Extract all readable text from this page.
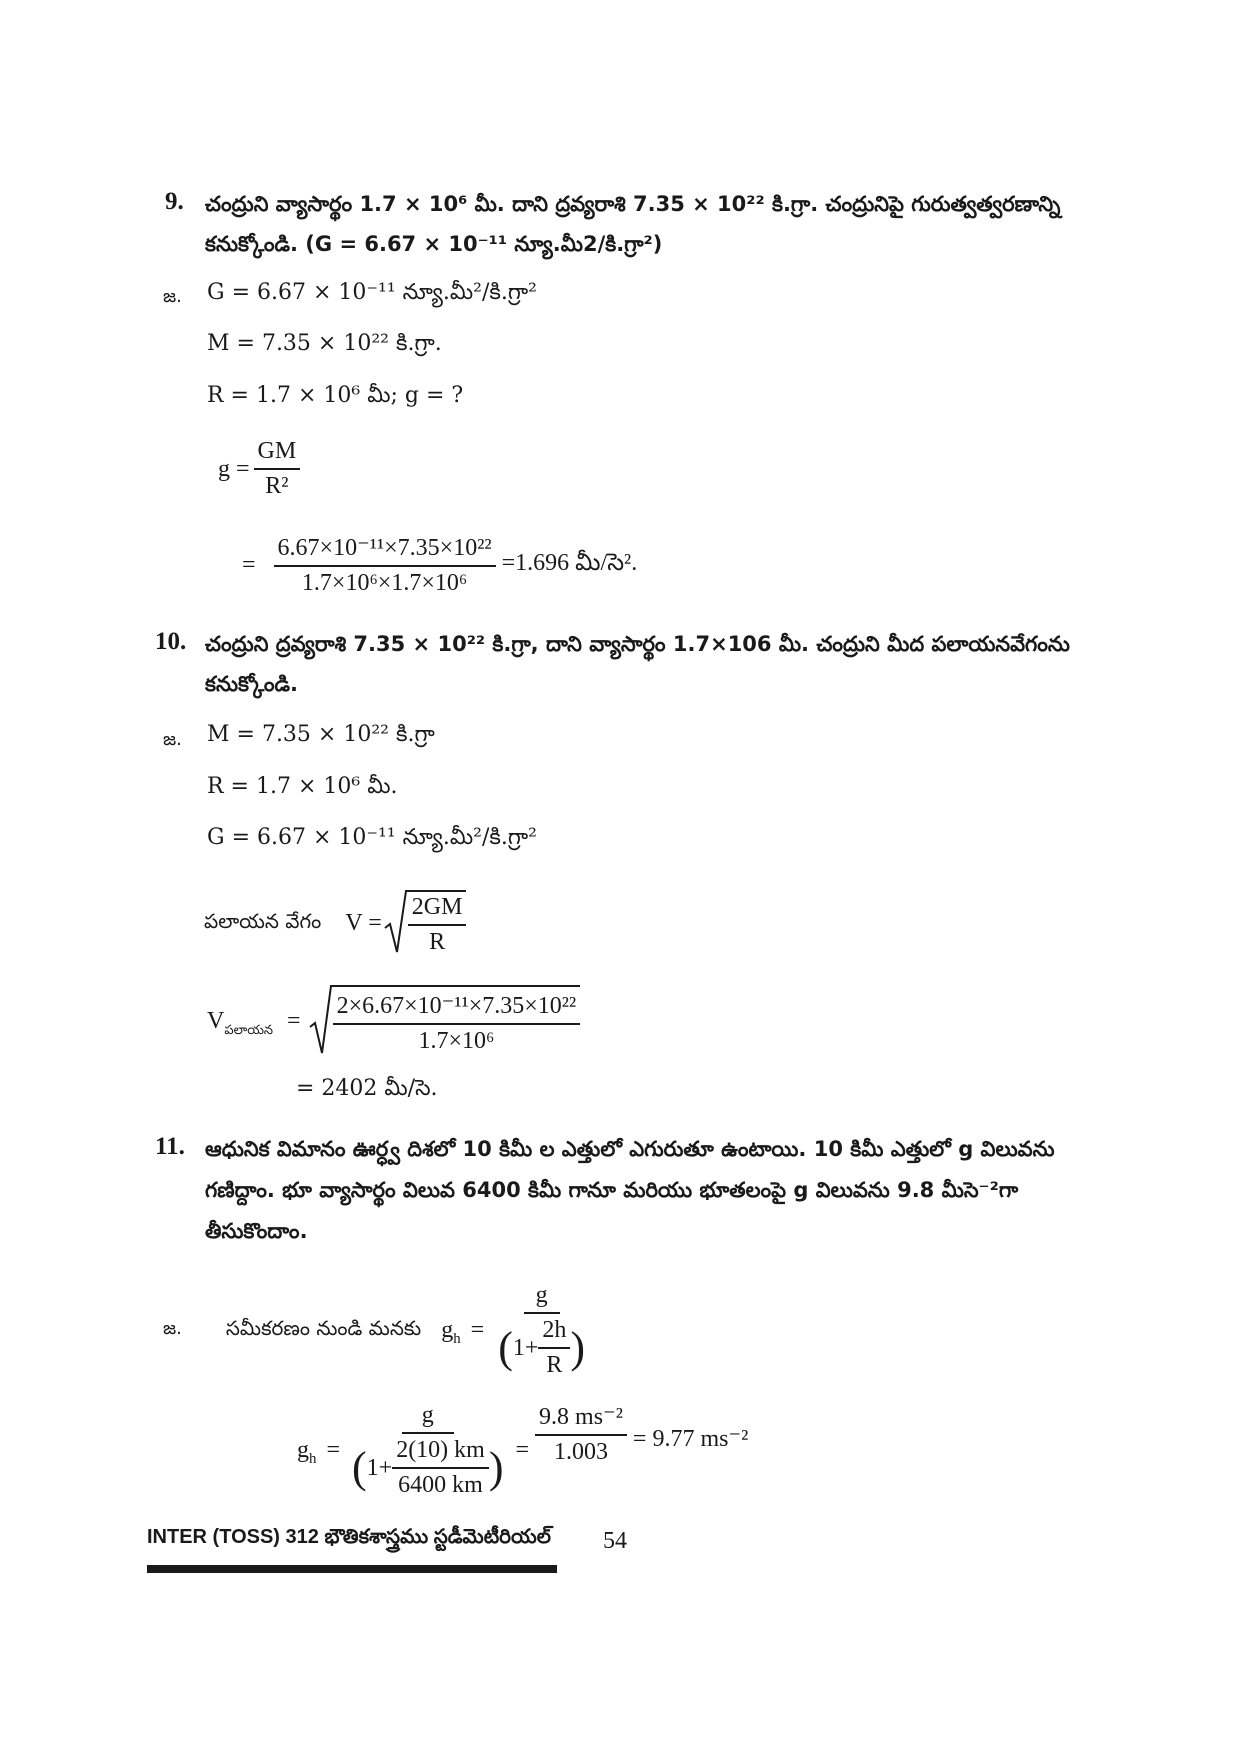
9. చంద్రుని వ్యాసార్థం 1.7 × 10⁶ మీ. దాని ద్రవ్యరాశి 7.35 × 10²² కి.గ్రా. చంద్రునిపై గురుత్వత్వరణాన్ని
కనుక్కోండి. (G = 6.67 × 10⁻¹¹ న్యూ.మీ2/కి.గ్రా²)
జ. G = 6.67 × 10⁻¹¹ న్యూ.మీ²/కి.గ్రా²
M = 7.35 × 10²² కి.గ్రా.
R = 1.7 × 10⁶ మీ; g = ?
$g = \frac{GM}{\text{R²}}$
= $\frac{\text{6.67×10⁻¹¹×7.35×10²²}}{\text{1.7×10⁶×1.7×10⁶}} =1.696$ మీ/సె².
10. చంద్రుని ద్రవ్యరాశి 7.35 × 10²² కి.గ్రా, దాని వ్యాసార్థం 1.7×106 మీ. చంద్రుని మీద పలాయనవేగంను
కనుక్కోండి.
జ. M = 7.35 × 10²² కి.గ్రా
R = 1.7 × 10⁶ మీ.
G = 6.67 × 10⁻¹¹ న్యూ.మీ²/కి.గ్రా²
పలాయన వేగం $V = \frac{2GM}{R}$
$V_{పలాయన} = \frac{\text{2×6.67×10⁻¹¹×7.35×10²²}}{\text{1.7×10⁶}}$
= 2402 మీ/సె.
11. ఆధునిక విమానం ఊర్ధ్వ దిశలో 10 కిమీ ల ఎత్తులో ఎగురుతూ ఉంటాయి. 10 కిమీ ఎత్తులో g విలువను
గణిద్దాం. భూ వ్యాసార్థం విలువ 6400 కిమీ గానూ మరియు భూతలంపై g విలువను 9.8 మీసె⁻²గా
తీసుకొందాం.
జ. సమీకరణం నుండి మనకు $g_h = \frac{g}{( 1+ \frac{2h}{R} )}$
$g_h$ =
g
( $1+ \frac{2(10) km}{6400 km}$ ) = $\frac{\text{9.8 ms⁻²}}{1.003} = 9.77$ ms⁻²
INTER (TOSS) 312 భౌతికశాస్త్రము స్టడీమెటీరియల్ 54
